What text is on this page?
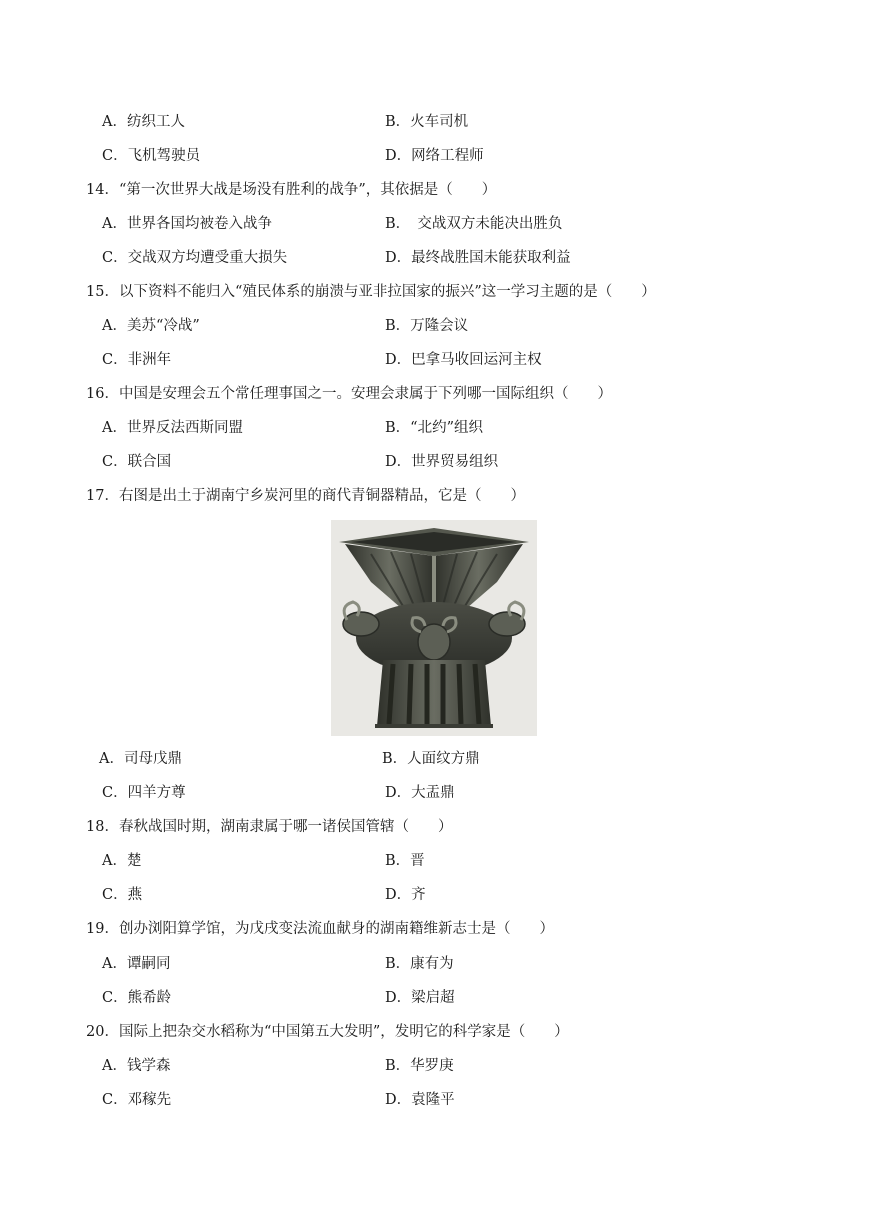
A．纺织工人	B．火车司机
C．飞机驾驶员	D．网络工程师
14．“第一次世界大战是场没有胜利的战争”，其依据是（　　）
A．世界各国均被卷入战争	B．　交战双方未能决出胜负
C．交战双方均遭受重大损失	D．最终战胜国未能获取利益
15．以下资料不能归入“殖民体系的崩溃与亚非拉国家的振兴”这一学习主题的是（　　）
A．美苏“冷战”	B．万隆会议
C．非洲年	D．巴拿马收回运河主权
16．中国是安理会五个常任理事国之一。安理会隶属于下列哪一国际组织（　　）
A．世界反法西斯同盟	B．“北约”组织
C．联合国	D．世界贸易组织
17．右图是出土于湖南宁乡炭河里的商代青铜器精品，它是（　　）
A．司母戊鼎	B．人面纹方鼎
C．四羊方尊	D．大盂鼎
18．春秋战国时期，湖南隶属于哪一诸侯国管辖（　　）
A．楚	B．晋
C．燕	D．齐
19．创办浏阳算学馆，为戊戌变法流血献身的湖南籍维新志士是（　　）
A．谭嗣同	B．康有为
C．熊希龄	D．梁启超
20．国际上把杂交水稻称为“中国第五大发明”，发明它的科学家是（　　）
A．钱学森	B．华罗庚
C．邓稼先	D．袁隆平
